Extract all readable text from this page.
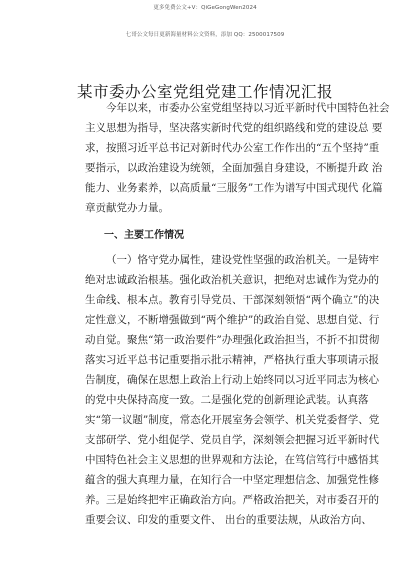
更多免费公文+V：QiGeGongWen2024
七哥公文每日更新海量材料公文资料，添加 QQ：2500017509
某市委办公室党组党建工作情况汇报
今年以来，市委办公室党组坚持以习近平新时代中国特色社会
主义思想为指导，坚决落实新时代党的组织路线和党的建设总 要
求，按照习近平总书记对新时代办公室工作作出的“五个坚持”重
要指示，以政治建设为统领，全面加强自身建设，不断提升政 治
能力、业务素养，以高质量“三服务”工作为谱写中国式现代 化篇
章贡献党办力量。
一、主要工作情况
（一）恪守党办属性，建设党性坚强的政治机关。一是铸牢
绝对忠诚政治根基。强化政治机关意识，把绝对忠诚作为党办的
生命线、根本点。教育引导党员、干部深刻领悟“两个确立”的决
定性意义，不断增强做到“两个维护”的政治自觉、思想自觉、行
动自觉。聚焦“第一政治要件”办理强化政治担当，不折不扣贯彻
落实习近平总书记重要指示批示精神，严格执行重大事项请示报
告制度，确保在思想上政治上行动上始终同以习近平同志为核心
的党中央保持高度一致。二是强化党的创新理论武装。认真落
实“第一议题”制度，常态化开展室务会领学、机关党委督学、党
支部研学、党小组促学、党员自学，深刻领会把握习近平新时代
中国特色社会主义思想的世界观和方法论，在笃信笃行中感悟其
蕴含的强大真理力量，在知行合一中坚定理想信念、加强党性修
养。三是始终把牢正确政治方向。严格政治把关，对市委召开的
重要会议、印发的重要文件、 出台的重要法规，从政治方向、
